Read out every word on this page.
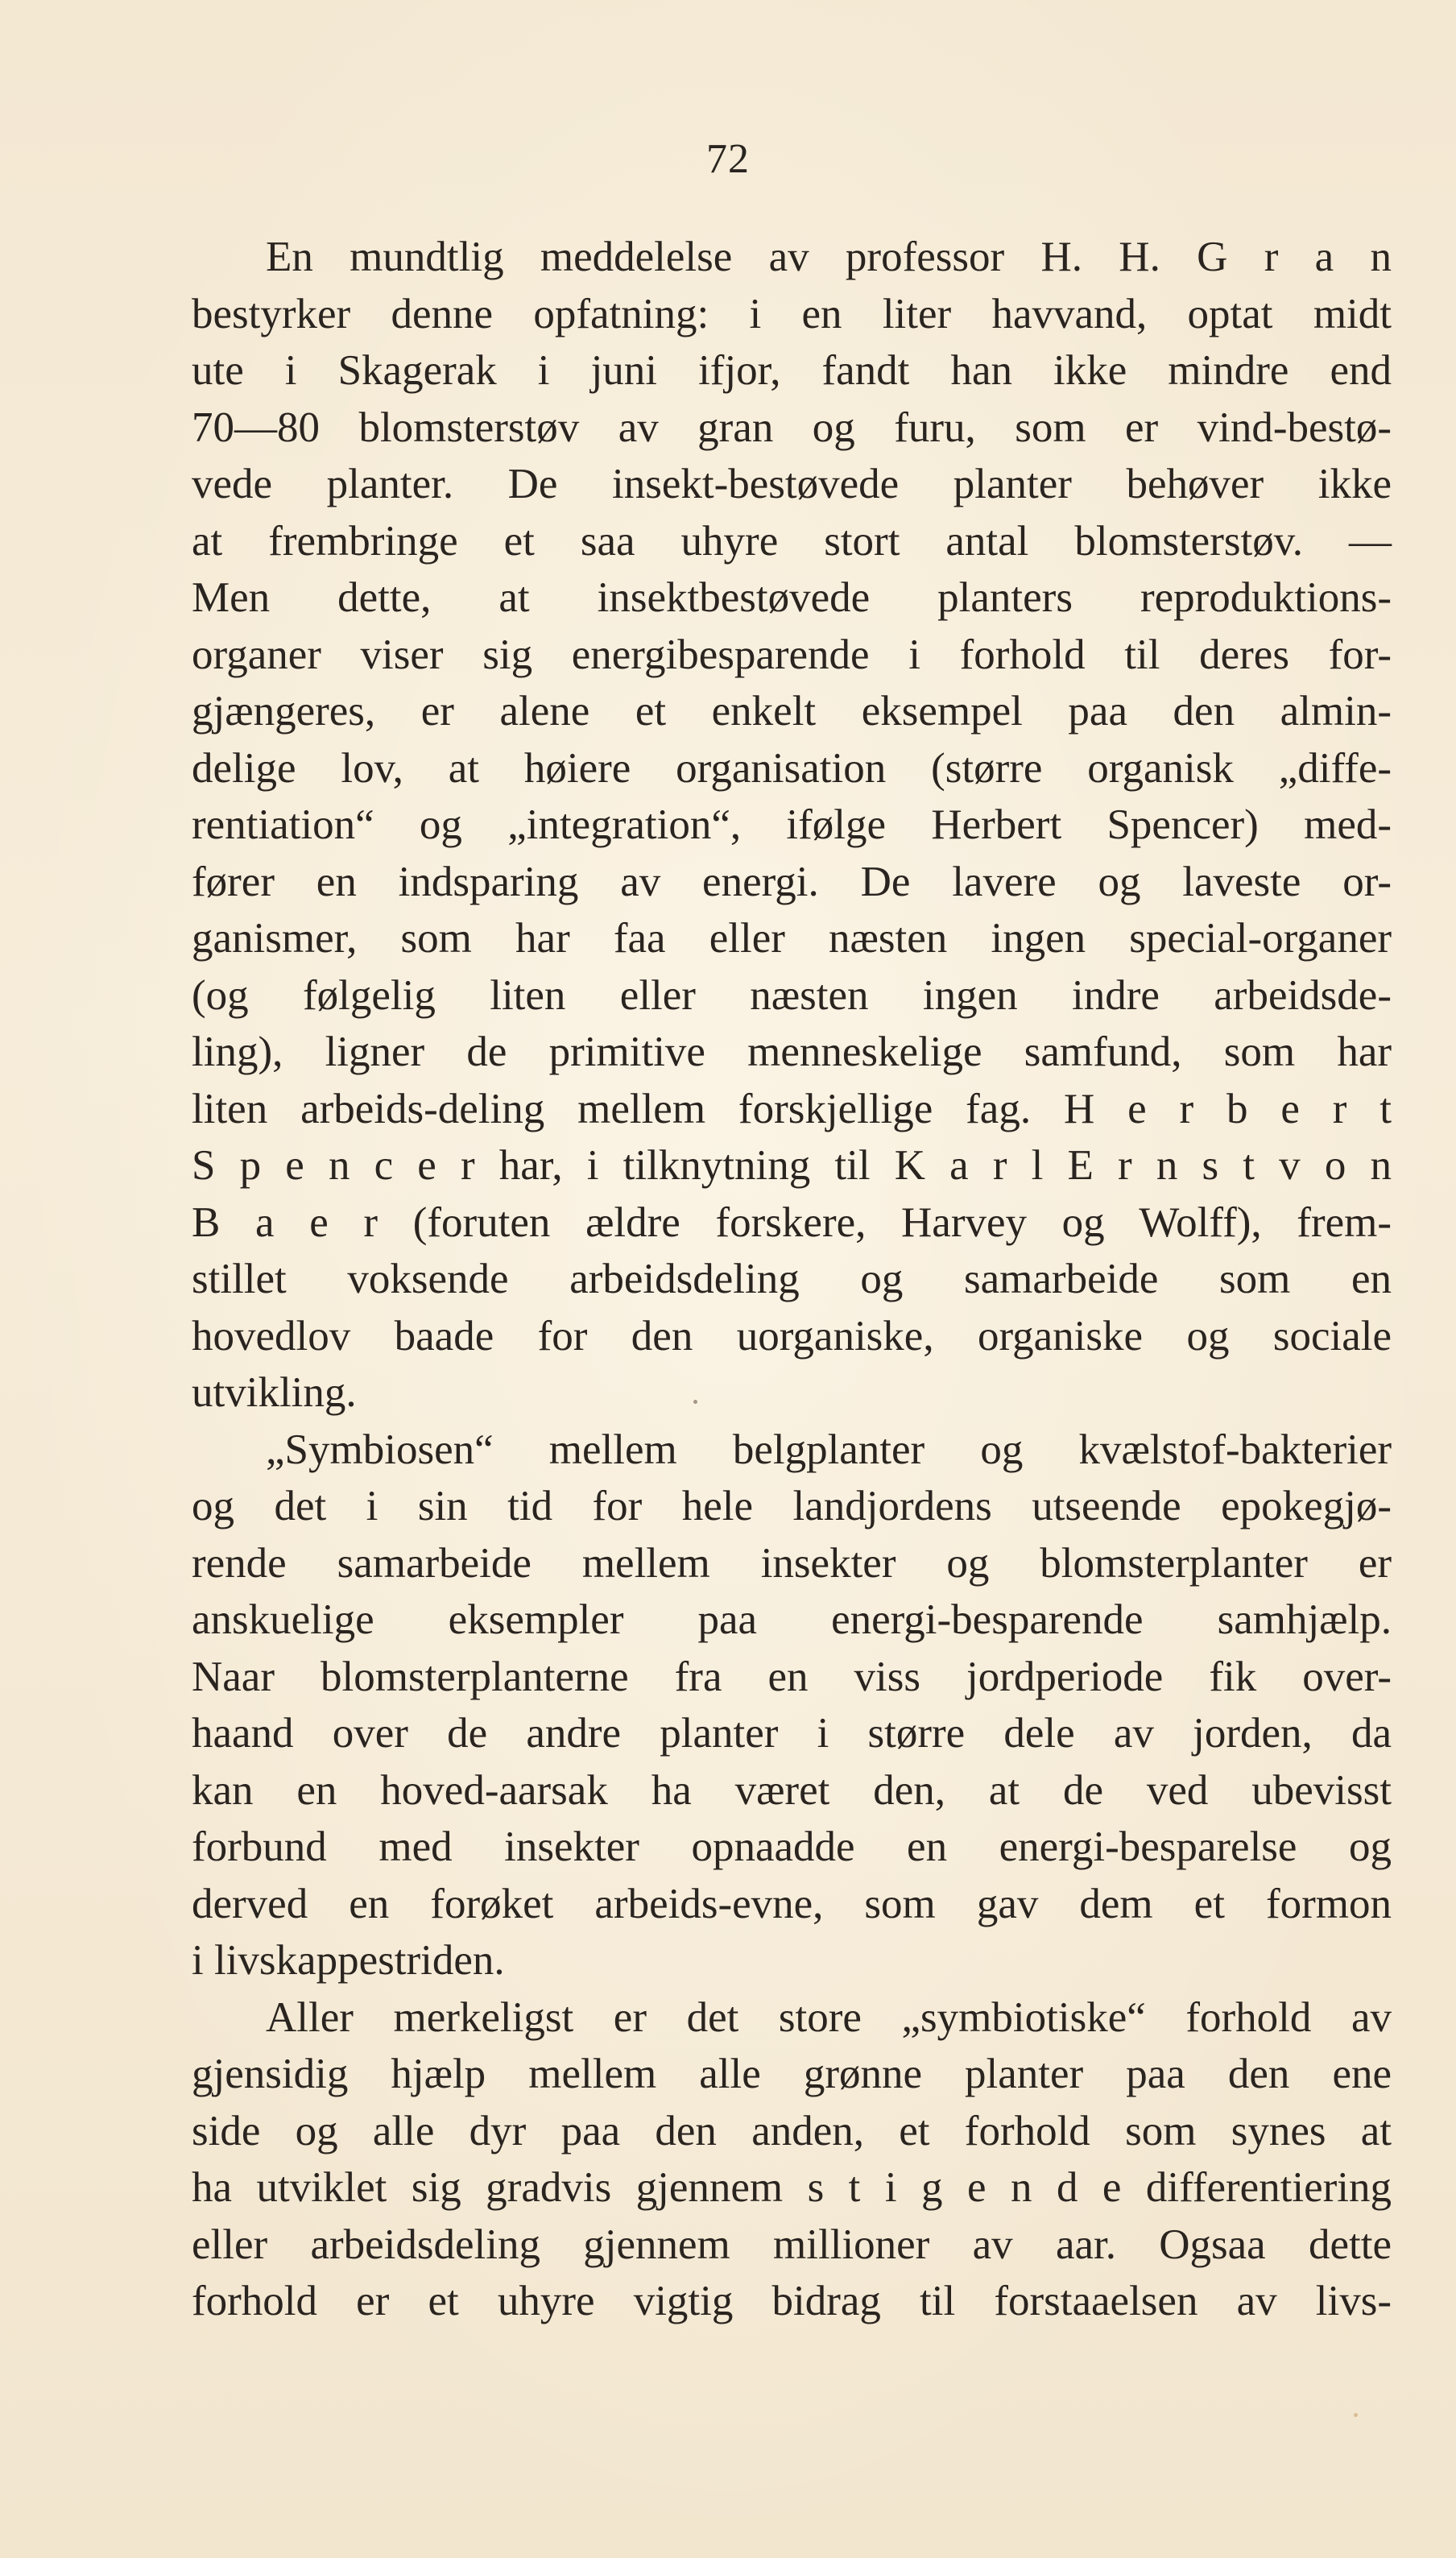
72
En mundtlig meddelelse av professor H. H. G r a n
bestyrker denne opfatning: i en liter havvand, optat midt
ute i Skagerak i juni ifjor, fandt han ikke mindre end
70—80 blomsterstøv av gran og furu, som er vind-bestø-
vede planter. De insekt-bestøvede planter behøver ikke
at frembringe et saa uhyre stort antal blomsterstøv. —
Men dette, at insektbestøvede planters reproduktions-
organer viser sig energibesparende i forhold til deres for-
gjængeres, er alene et enkelt eksempel paa den almin-
delige lov, at høiere organisation (større organisk „diffe-
rentiation“ og „integration“, ifølge Herbert Spencer) med-
fører en indsparing av energi. De lavere og laveste or-
ganismer, som har faa eller næsten ingen special-organer
(og følgelig liten eller næsten ingen indre arbeidsde-
ling), ligner de primitive menneskelige samfund, som har
liten arbeids-deling mellem forskjellige fag. H e r b e r t
S p e n c e r har, i tilknytning til K a r l E r n s t v o n
B a e r (foruten ældre forskere, Harvey og Wolff), frem-
stillet voksende arbeidsdeling og samarbeide som en
hovedlov baade for den uorganiske, organiske og sociale
utvikling.
„Symbiosen“ mellem belgplanter og kvælstof-bakterier
og det i sin tid for hele landjordens utseende epokegjø-
rende samarbeide mellem insekter og blomsterplanter er
anskuelige eksempler paa energi-besparende samhjælp.
Naar blomsterplanterne fra en viss jordperiode fik over-
haand over de andre planter i større dele av jorden, da
kan en hoved-aarsak ha været den, at de ved ubevisst
forbund med insekter opnaadde en energi-besparelse og
derved en forøket arbeids-evne, som gav dem et formon
i livskappestriden.
Aller merkeligst er det store „symbiotiske“ forhold av
gjensidig hjælp mellem alle grønne planter paa den ene
side og alle dyr paa den anden, et forhold som synes at
ha utviklet sig gradvis gjennem s t i g e n d e differentiering
eller arbeidsdeling gjennem millioner av aar. Ogsaa dette
forhold er et uhyre vigtig bidrag til forstaaelsen av livs-
